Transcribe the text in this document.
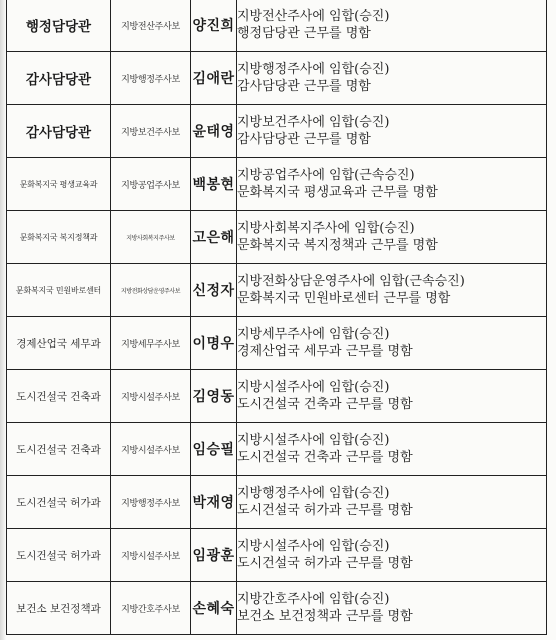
행정담당관	지방전산주사보	양진희	지방전산주사에 임합(승진)
행정담당관 근무를 명함

감사담당관	지방행정주사보	김애란	지방행정주사에 임합(승진)
감사담당관 근무를 명함

감사담당관	지방보건주사보	윤태영	지방보건주사에 임합(승진)
감사담당관 근무를 명함

문화복지국 평생교육과	지방공업주사보	백봉현	지방공업주사에 임합(근속승진)
문화복지국 평생교육과 근무를 명함

문화복지국 복지정책과	지방사회복지주사보	고은해	지방사회복지주사에 임합(승진)
문화복지국 복지정책과 근무를 명함

문화복지국 민원바로센터	지방전화상담운영주사보	신정자	지방전화상담운영주사에 임합(근속승진)
문화복지국 민원바로센터 근무를 명함

경제산업국 세무과	지방세무주사보	이명우	지방세무주사에 임합(승진)
경제산업국 세무과 근무를 명함

도시건설국 건축과	지방시설주사보	김영동	지방시설주사에 임합(승진)
도시건설국 건축과 근무를 명함

도시건설국 건축과	지방시설주사보	임승필	지방시설주사에 임합(승진)
도시건설국 건축과 근무를 명함

도시건설국 허가과	지방행정주사보	박재영	지방행정주사에 임합(승진)
도시건설국 허가과 근무를 명함

도시건설국 허가과	지방시설주사보	임광훈	지방시설주사에 임합(승진)
도시건설국 허가과 근무를 명함

보건소 보건정책과	지방간호주사보	손혜숙	지방간호주사에 임합(승진)
보건소 보건정책과 근무를 명함
